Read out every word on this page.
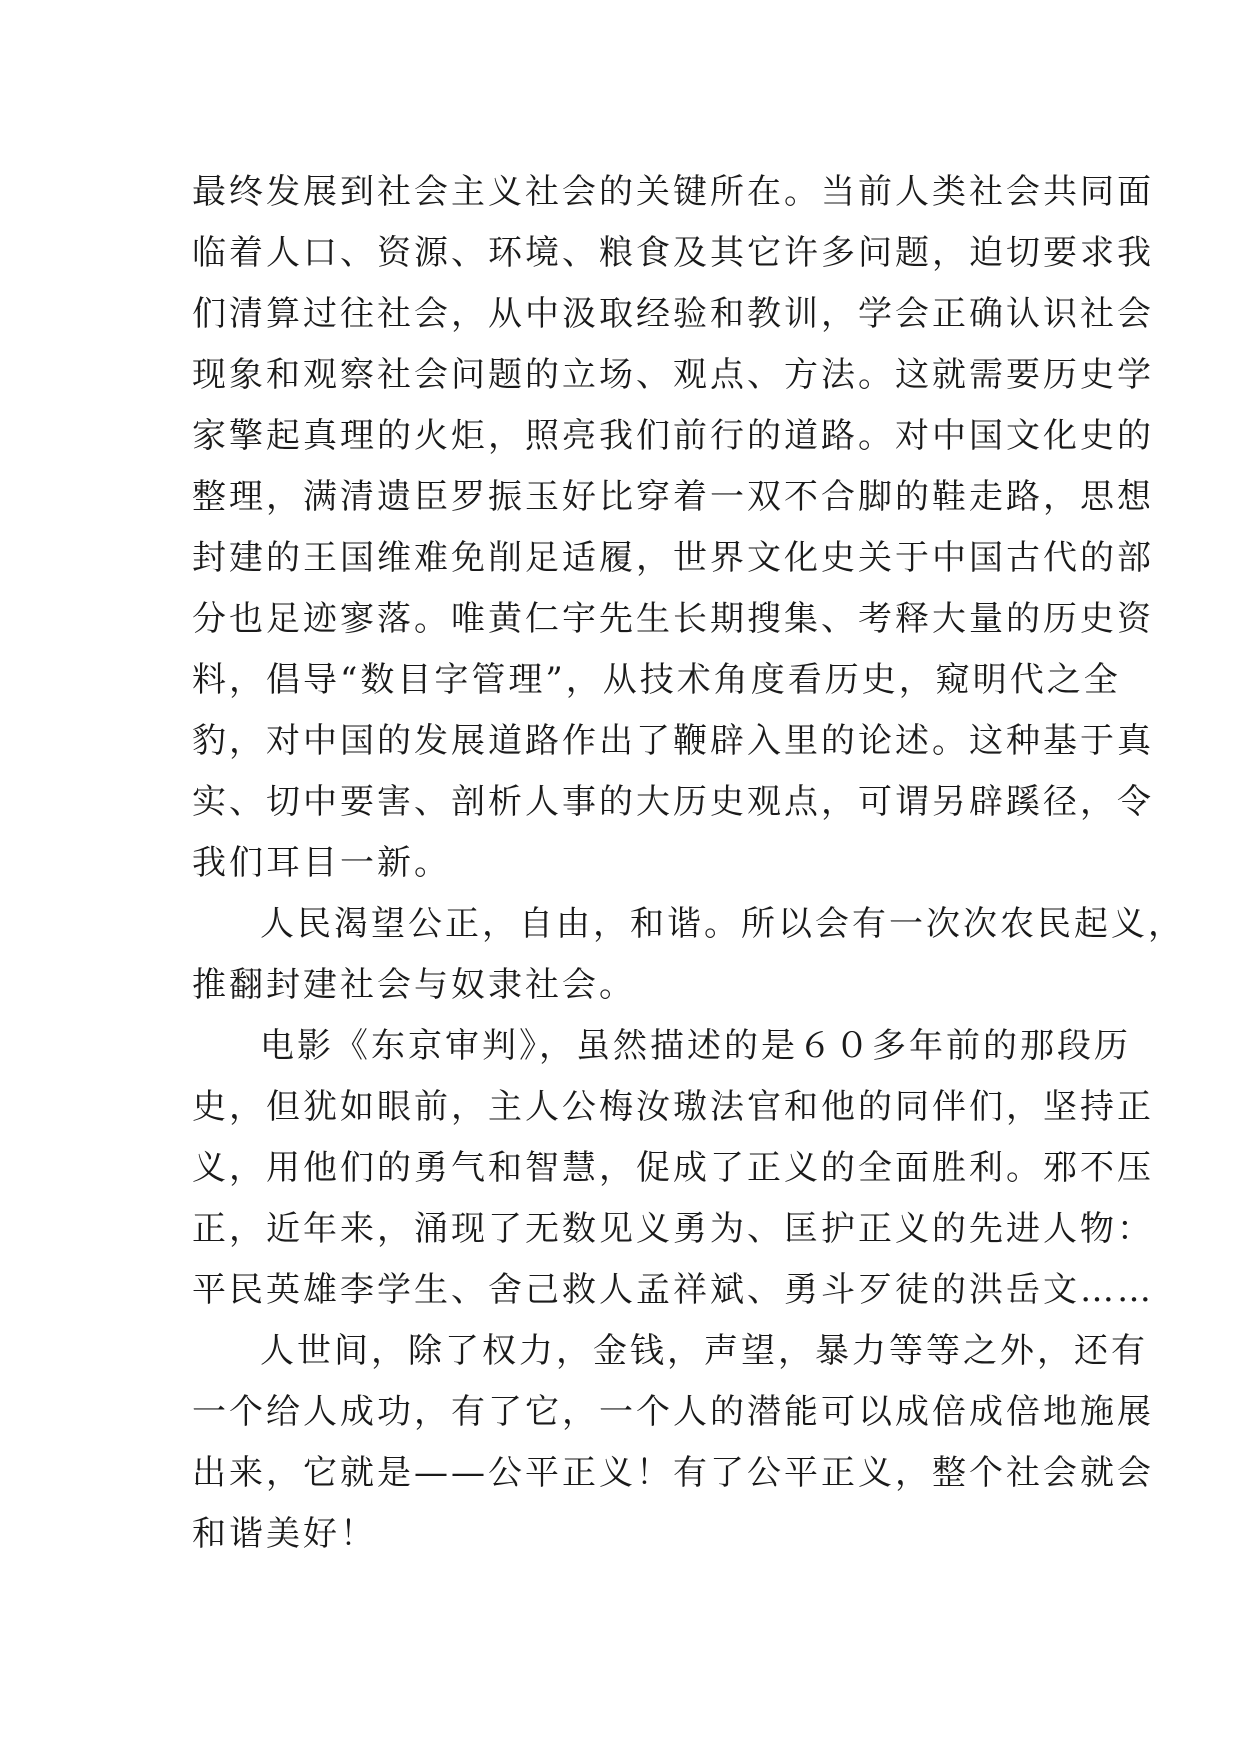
最终发展到社会主义社会的关键所在。当前人类社会共同面
临着人口、资源、环境、粮食及其它许多问题，迫切要求我
们清算过往社会，从中汲取经验和教训，学会正确认识社会
现象和观察社会问题的立场、观点、方法。这就需要历史学
家擎起真理的火炬，照亮我们前行的道路。对中国文化史的
整理，满清遗臣罗振玉好比穿着一双不合脚的鞋走路，思想
封建的王国维难免削足适履，世界文化史关于中国古代的部
分也足迹寥落。唯黄仁宇先生长期搜集、考释大量的历史资
料，倡导“数目字管理”，从技术角度看历史，窥明代之全
豹，对中国的发展道路作出了鞭辟入里的论述。这种基于真
实、切中要害、剖析人事的大历史观点，可谓另辟蹊径，令
我们耳目一新。
人民渴望公正，自由，和谐。所以会有一次次农民起义，
推翻封建社会与奴隶社会。
电影《东京审判》，虽然描述的是６０多年前的那段历
史，但犹如眼前，主人公梅汝璈法官和他的同伴们，坚持正
义，用他们的勇气和智慧，促成了正义的全面胜利。邪不压
正，近年来，涌现了无数见义勇为、匡护正义的先进人物：
平民英雄李学生、舍己救人孟祥斌、勇斗歹徒的洪岳文……
人世间，除了权力，金钱，声望，暴力等等之外，还有
一个给人成功，有了它，一个人的潜能可以成倍成倍地施展
出来，它就是——公平正义！有了公平正义，整个社会就会
和谐美好！
